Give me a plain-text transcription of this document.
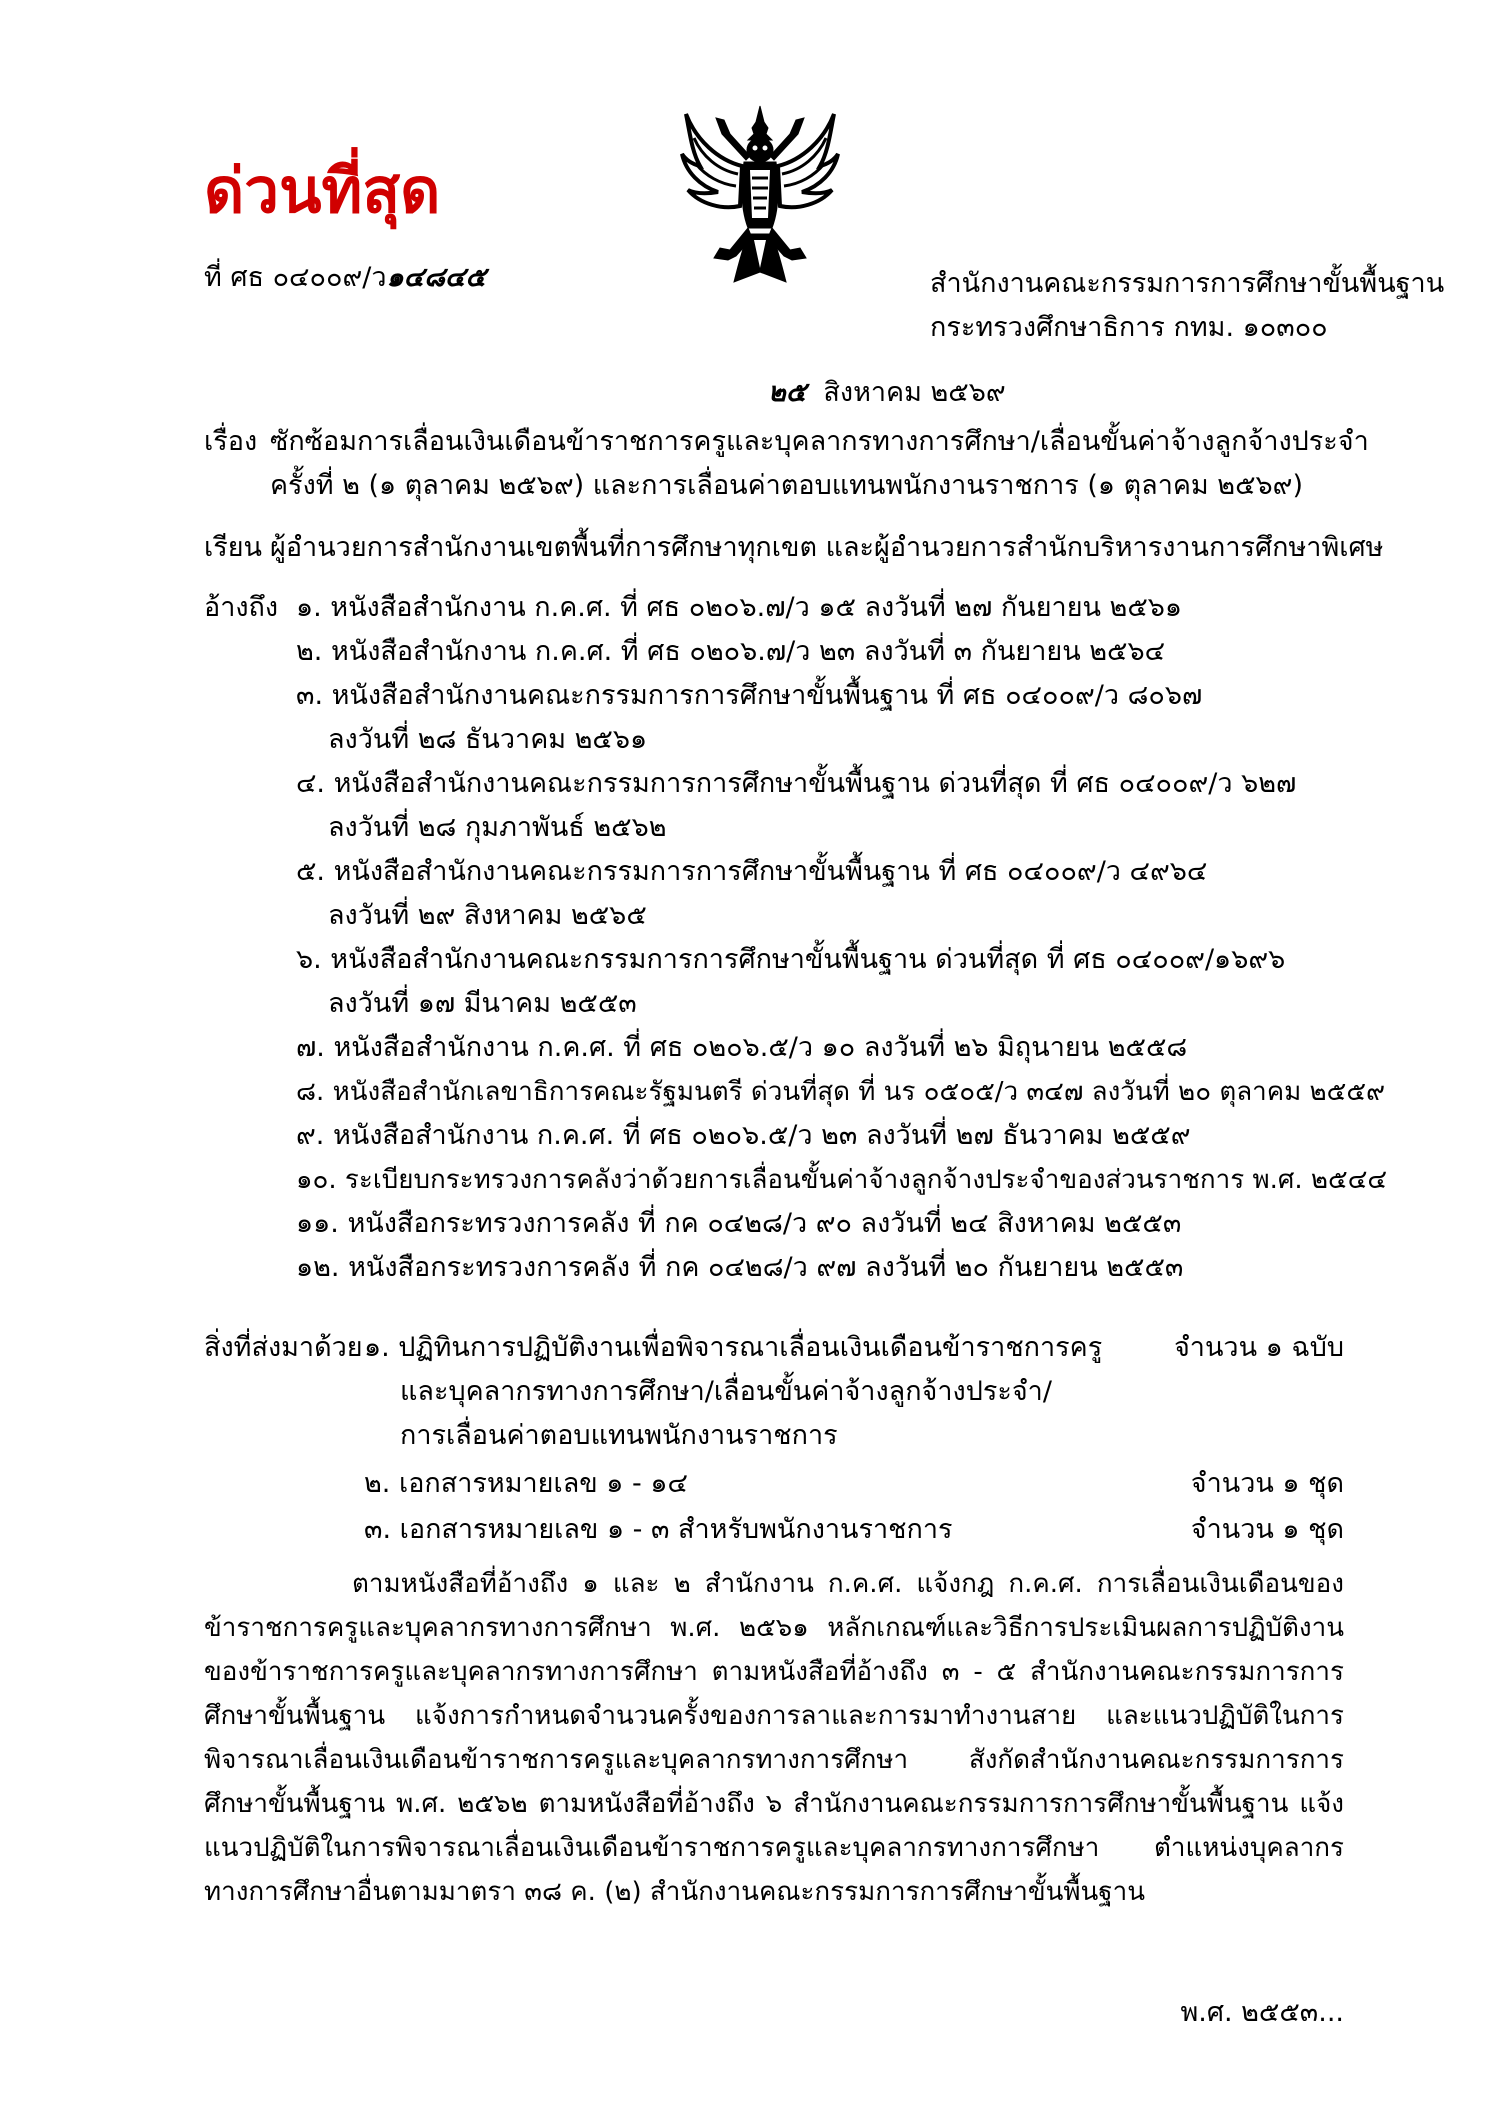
ด่วนที่สุด
ที่ ศธ ๐๔๐๐๙/ว๑๔๘๔๕	สำนักงานคณะกรรมการการศึกษาขั้นพื้นฐาน
กระทรวงศึกษาธิการ กทม. ๑๐๓๐๐
๒๕ สิงหาคม ๒๕๖๙
เรื่อง ซักซ้อมการเลื่อนเงินเดือนข้าราชการครูและบุคลากรทางการศึกษา/เลื่อนขั้นค่าจ้างลูกจ้างประจำ
ครั้งที่ ๒ (๑ ตุลาคม ๒๕๖๙) และการเลื่อนค่าตอบแทนพนักงานราชการ (๑ ตุลาคม ๒๕๖๙)
เรียน ผู้อำนวยการสำนักงานเขตพื้นที่การศึกษาทุกเขต และผู้อำนวยการสำนักบริหารงานการศึกษาพิเศษ
อ้างถึง ๑. หนังสือสำนักงาน ก.ค.ศ. ที่ ศธ ๐๒๐๖.๗/ว ๑๕ ลงวันที่ ๒๗ กันยายน ๒๕๖๑
๒. หนังสือสำนักงาน ก.ค.ศ. ที่ ศธ ๐๒๐๖.๗/ว ๒๓ ลงวันที่ ๓ กันยายน ๒๕๖๔
๓. หนังสือสำนักงานคณะกรรมการการศึกษาขั้นพื้นฐาน ที่ ศธ ๐๔๐๐๙/ว ๘๐๖๗
ลงวันที่ ๒๘ ธันวาคม ๒๕๖๑
๔. หนังสือสำนักงานคณะกรรมการการศึกษาขั้นพื้นฐาน ด่วนที่สุด ที่ ศธ ๐๔๐๐๙/ว ๖๒๗
ลงวันที่ ๒๘ กุมภาพันธ์ ๒๕๖๒
๕. หนังสือสำนักงานคณะกรรมการการศึกษาขั้นพื้นฐาน ที่ ศธ ๐๔๐๐๙/ว ๔๙๖๔
ลงวันที่ ๒๙ สิงหาคม ๒๕๖๕
๖. หนังสือสำนักงานคณะกรรมการการศึกษาขั้นพื้นฐาน ด่วนที่สุด ที่ ศธ ๐๔๐๐๙/๑๖๙๖
ลงวันที่ ๑๗ มีนาคม ๒๕๕๓
๗. หนังสือสำนักงาน ก.ค.ศ. ที่ ศธ ๐๒๐๖.๕/ว ๑๐ ลงวันที่ ๒๖ มิถุนายน ๒๕๕๘
๘. หนังสือสำนักเลขาธิการคณะรัฐมนตรี ด่วนที่สุด ที่ นร ๐๕๐๕/ว ๓๔๗ ลงวันที่ ๒๐ ตุลาคม ๒๕๕๙
๙. หนังสือสำนักงาน ก.ค.ศ. ที่ ศธ ๐๒๐๖.๕/ว ๒๓ ลงวันที่ ๒๗ ธันวาคม ๒๕๕๙
๑๐. ระเบียบกระทรวงการคลังว่าด้วยการเลื่อนขั้นค่าจ้างลูกจ้างประจำของส่วนราชการ พ.ศ. ๒๕๔๔
๑๑. หนังสือกระทรวงการคลัง ที่ กค ๐๔๒๘/ว ๙๐ ลงวันที่ ๒๔ สิงหาคม ๒๕๕๓
๑๒. หนังสือกระทรวงการคลัง ที่ กค ๐๔๒๘/ว ๙๗ ลงวันที่ ๒๐ กันยายน ๒๕๕๓
สิ่งที่ส่งมาด้วย ๑. ปฏิทินการปฏิบัติงานเพื่อพิจารณาเลื่อนเงินเดือนข้าราชการครู
และบุคลากรทางการศึกษา/เลื่อนขั้นค่าจ้างลูกจ้างประจำ/
การเลื่อนค่าตอบแทนพนักงานราชการ
จำนวน ๑ ฉบับ
๒. เอกสารหมายเลข ๑ - ๑๔	จำนวน ๑ ชุด
๓. เอกสารหมายเลข ๑ - ๓ สำหรับพนักงานราชการ	จำนวน ๑ ชุด
ตามหนังสือที่อ้างถึง ๑ และ ๒ สำนักงาน ก.ค.ศ. แจ้งกฎ ก.ค.ศ. การเลื่อนเงินเดือนของข้าราชการครูและบุคลากรทางการศึกษา พ.ศ. ๒๕๖๑ หลักเกณฑ์และวิธีการประเมินผลการปฏิบัติงานของข้าราชการครูและบุคลากรทางการศึกษา ตามหนังสือที่อ้างถึง ๓ - ๕ สำนักงานคณะกรรมการการศึกษาขั้นพื้นฐาน แจ้งการกำหนดจำนวนครั้งของการลาและการมาทำงานสาย และแนวปฏิบัติในการพิจารณาเลื่อนเงินเดือนข้าราชการครูและบุคลากรทางการศึกษา สังกัดสำนักงานคณะกรรมการการศึกษาขั้นพื้นฐาน พ.ศ. ๒๕๖๒ ตามหนังสือที่อ้างถึง ๖ สำนักงานคณะกรรมการการศึกษาขั้นพื้นฐาน แจ้งแนวปฏิบัติในการพิจารณาเลื่อนเงินเดือนข้าราชการครูและบุคลากรทางการศึกษา ตำแหน่งบุคลากรทางการศึกษาอื่นตามมาตรา ๓๘ ค. (๒) สำนักงานคณะกรรมการการศึกษาขั้นพื้นฐาน
พ.ศ. ๒๕๕๓...
